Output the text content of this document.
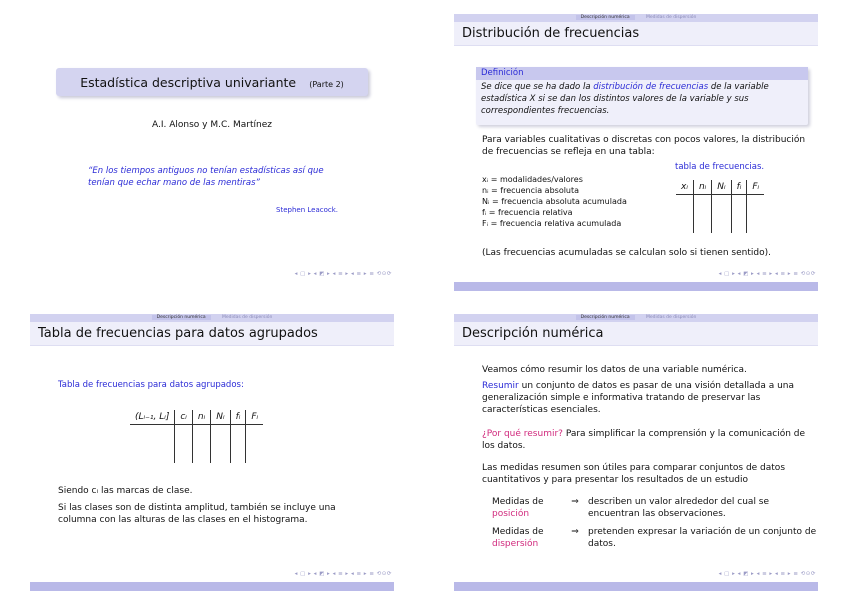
Estadística descriptiva univariante (Parte 2)
A.I. Alonso y M.C. Martínez
“En los tiempos antiguos no tenían estadísticas así que tenían que echar mano de las mentiras”
Stephen Leacock.
◂ ▢ ▸ ◂ ◩ ▸ ◂ ≡ ▸ ◂ ≡ ▸ ≡ ⟲⊙⟳
Descripción numérica	Medidas de dispersión
Distribución de frecuencias
Definición
Se dice que se ha dado la distribución de frecuencias de la variable estadística X si se dan los distintos valores de la variable y sus correspondientes frecuencias.
Para variables cualitativas o discretas con pocos valores, la distribución de frecuencias se refleja en una tabla:
tabla de frecuencias.
xᵢ = modalidades/valores
nᵢ = frecuencia absoluta
Nᵢ = frecuencia absoluta acumulada
fᵢ = frecuencia relativa
Fᵢ = frecuencia relativa acumulada
xᵢ	nᵢ	Nᵢ	fᵢ	Fᵢ

(Las frecuencias acumuladas se calculan solo si tienen sentido).
◂ ▢ ▸ ◂ ◩ ▸ ◂ ≡ ▸ ◂ ≡ ▸ ≡ ⟲⊙⟳
Descripción numérica	Medidas de dispersión
Tabla de frecuencias para datos agrupados
Tabla de frecuencias para datos agrupados:
(Lᵢ₋₁, Lᵢ]	cᵢ	nᵢ	Nᵢ	fᵢ	Fᵢ

Siendo cᵢ las marcas de clase.
Si las clases son de distinta amplitud, también se incluye una columna con las alturas de las clases en el histograma.
◂ ▢ ▸ ◂ ◩ ▸ ◂ ≡ ▸ ◂ ≡ ▸ ≡ ⟲⊙⟳
Descripción numérica	Medidas de dispersión
Descripción numérica
Veamos cómo resumir los datos de una variable numérica.
Resumir un conjunto de datos es pasar de una visión detallada a una generalización simple e informativa tratando de preservar las características esenciales.
¿Por qué resumir? Para simplificar la comprensión y la comunicación de los datos.
Las medidas resumen son útiles para comparar conjuntos de datos cuantitativos y para presentar los resultados de un estudio
Medidas de posición
⇒	describen un valor alrededor del cual se encuentran las observaciones.
Medidas de dispersión
⇒	pretenden expresar la variación de un conjunto de datos.
◂ ▢ ▸ ◂ ◩ ▸ ◂ ≡ ▸ ◂ ≡ ▸ ≡ ⟲⊙⟳
